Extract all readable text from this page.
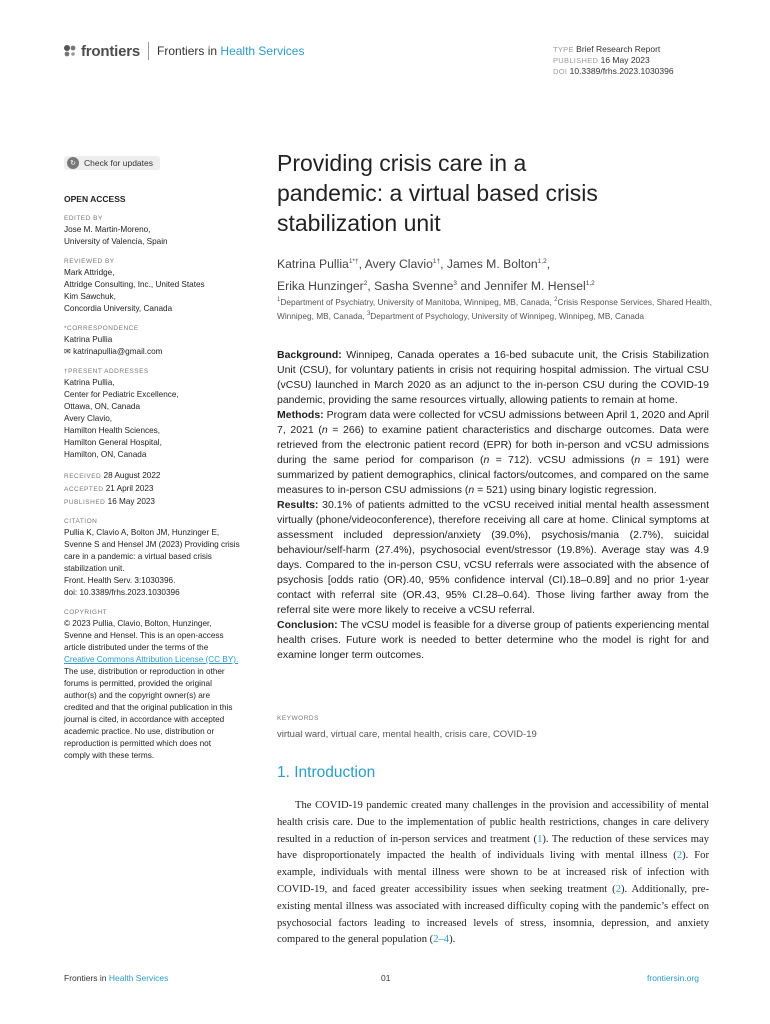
frontiers Frontiers in Health Services	TYPE Brief Research Report
PUBLISHED 16 May 2023
DOI 10.3389/frhs.2023.1030396
↻ Check for updates
OPEN ACCESS
EDITED BY
Jose M. Martin-Moreno,
University of Valencia, Spain
REVIEWED BY
Mark Attridge,
Attridge Consulting, Inc., United States
Kim Sawchuk,
Concordia University, Canada
*CORRESPONDENCE
Katrina Pullia
✉ katrinapullia@gmail.com
†PRESENT ADDRESSES
Katrina Pullia,
Center for Pediatric Excellence,
Ottawa, ON, Canada
Avery Clavio,
Hamilton Health Sciences,
Hamilton General Hospital,
Hamilton, ON, Canada
RECEIVED 28 August 2022
ACCEPTED 21 April 2023
PUBLISHED 16 May 2023
CITATION
Pullia K, Clavio A, Bolton JM, Hunzinger E,
Svenne S and Hensel JM (2023) Providing crisis
care in a pandemic: a virtual based crisis
stabilization unit.
Front. Health Serv. 3:1030396.
doi: 10.3389/frhs.2023.1030396
COPYRIGHT
© 2023 Pullia, Clavio, Bolton, Hunzinger,
Svenne and Hensel. This is an open-access
article distributed under the terms of the
Creative Commons Attribution License (CC BY).
The use, distribution or reproduction in other
forums is permitted, provided the original
author(s) and the copyright owner(s) are
credited and that the original publication in this
journal is cited, in accordance with accepted
academic practice. No use, distribution or
reproduction is permitted which does not
comply with these terms.
Providing crisis care in a
pandemic: a virtual based crisis
stabilization unit
Katrina Pullia$^{1*\dagger}$, Avery Clavio$^{1\dagger}$, James M. Bolton$^{1,2}$,
Erika Hunzinger$^2$, Sasha Svenne$^3$ and Jennifer M. Hensel$^{1,2}$
$^1$Department of Psychiatry, University of Manitoba, Winnipeg, MB, Canada, $^2$Crisis Response Services, Shared Health, Winnipeg, MB, Canada, $^3$Department of Psychology, University of Winnipeg, Winnipeg, MB, Canada

Background: Winnipeg, Canada operates a 16-bed subacute unit, the Crisis Stabilization Unit (CSU), for voluntary patients in crisis not requiring hospital admission. The virtual CSU (vCSU) launched in March 2020 as an adjunct to the in-person CSU during the COVID-19 pandemic, providing the same resources virtually, allowing patients to remain at home.

Methods: Program data were collected for vCSU admissions between April 1, 2020 and April 7, 2021 (n = 266) to examine patient characteristics and discharge outcomes. Data were retrieved from the electronic patient record (EPR) for both in-person and vCSU admissions during the same period for comparison (n = 712). vCSU admissions (n = 191) were summarized by patient demographics, clinical factors/outcomes, and compared on the same measures to in-person CSU admissions (n = 521) using binary logistic regression.

Results: 30.1% of patients admitted to the vCSU received initial mental health assessment virtually (phone/videoconference), therefore receiving all care at home. Clinical symptoms at assessment included depression/anxiety (39.0%), psychosis/mania (2.7%), suicidal behaviour/self-harm (27.4%), psychosocial event/stressor (19.8%). Average stay was 4.9 days. Compared to the in-person CSU, vCSU referrals were associated with the absence of psychosis [odds ratio (OR).40, 95% confidence interval (CI).18–0.89] and no prior 1-year contact with referral site (OR.43, 95% CI.28–0.64). Those living farther away from the referral site were more likely to receive a vCSU referral.

Conclusion: The vCSU model is feasible for a diverse group of patients experiencing mental health crises. Future work is needed to better determine who the model is right for and examine longer term outcomes.

KEYWORDS
virtual ward, virtual care, mental health, crisis care, COVID-19
1. Introduction
The COVID-19 pandemic created many challenges in the provision and accessibility of mental health crisis care. Due to the implementation of public health restrictions, changes in care delivery resulted in a reduction of in-person services and treatment (1). The reduction of these services may have disproportionately impacted the health of individuals living with mental illness (2). For example, individuals with mental illness were shown to be at increased risk of infection with COVID-19, and faced greater accessibility issues when seeking treatment (2). Additionally, pre-existing mental illness was associated with increased difficulty coping with the pandemic’s effect on psychosocial factors leading to increased levels of stress, insomnia, depression, and anxiety compared to the general population (2–4).
Frontiers in Health Services	01	frontiersin.org
